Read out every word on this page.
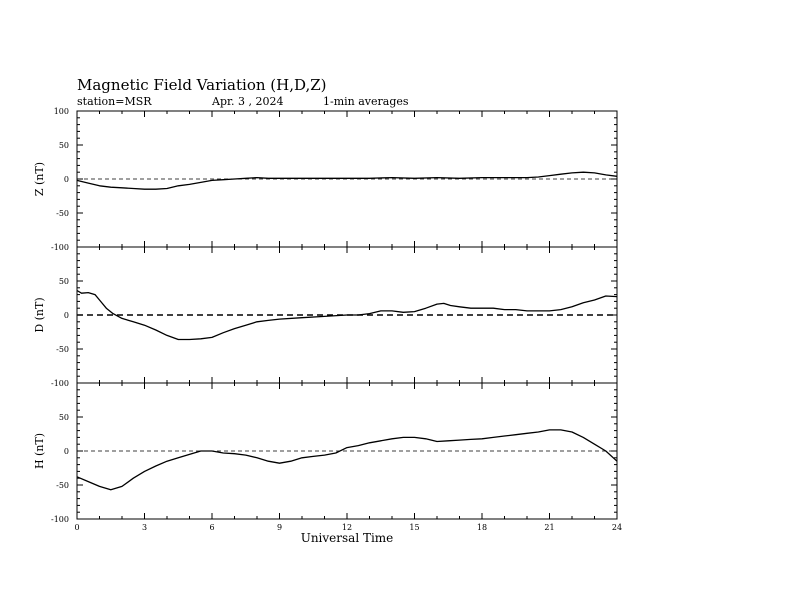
Magnetic Field Variation (H,D,Z)
station=MSR	Apr. 3 , 2024	1-min averages
100
50
0
-50
-100
Z (nT)
50
0
-50
-100
D (nT)
50
0
-50
-100
H (nT)
0	3	6	9	12	15	18	21	24
Universal Time
